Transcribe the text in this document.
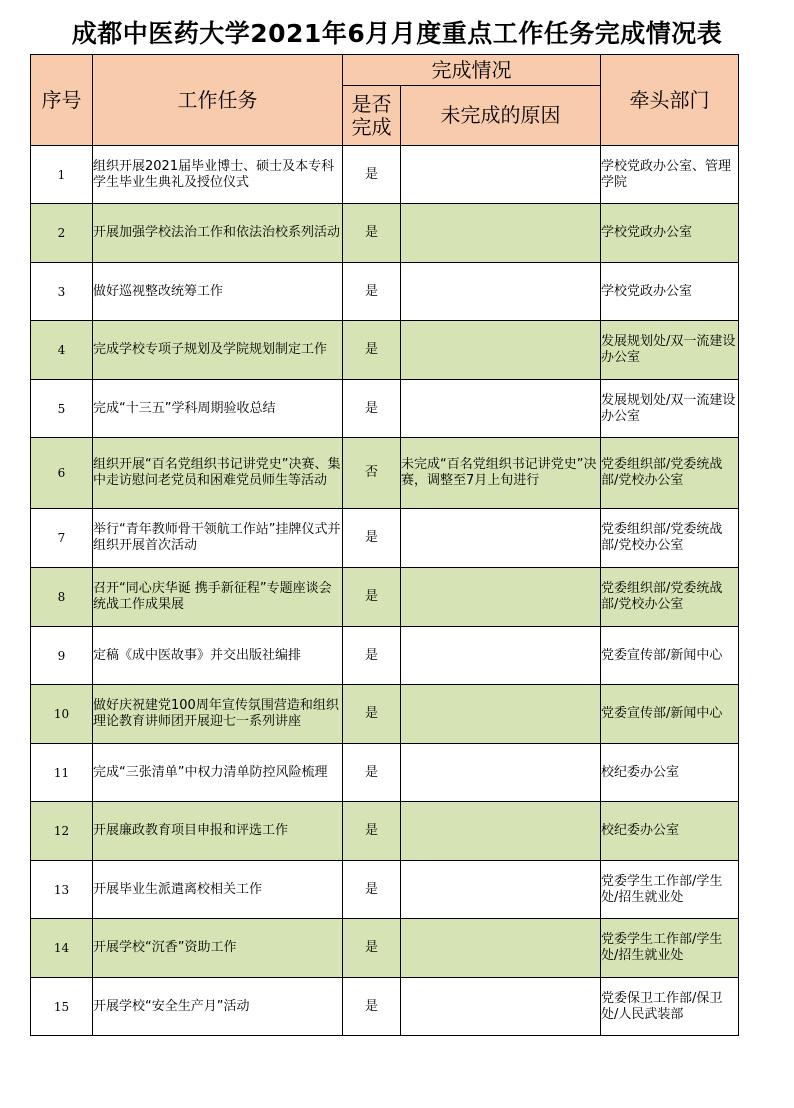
成都中医药大学2021年6月月度重点工作任务完成情况表
序号	工作任务	完成情况		牵头部门
		是否完成	未完成的原因	
1	组织开展2021届毕业博士、硕士及本专科学生毕业生典礼及授位仪式	是		学校党政办公室、管理学院
2	开展加强学校法治工作和依法治校系列活动	是		学校党政办公室
3	做好巡视整改统筹工作	是		学校党政办公室
4	完成学校专项子规划及学院规划制定工作	是		发展规划处/双一流建设办公室
5	完成“十三五”学科周期验收总结	是		发展规划处/双一流建设办公室
6	组织开展“百名党组织书记讲党史”决赛、集中走访慰问老党员和困难党员师生等活动	否	未完成“百名党组织书记讲党史”决赛，调整至7月上旬进行	党委组织部/党委统战部/党校办公室
7	举行“青年教师骨干领航工作站”挂牌仪式并组织开展首次活动	是		党委组织部/党委统战部/党校办公室
8	召开“同心庆华诞 携手新征程”专题座谈会统战工作成果展	是		党委组织部/党委统战部/党校办公室
9	定稿《成中医故事》并交出版社编排	是		党委宣传部/新闻中心
10	做好庆祝建党100周年宣传氛围营造和组织理论教育讲师团开展迎七一系列讲座	是		党委宣传部/新闻中心
11	完成“三张清单”中权力清单防控风险梳理	是		校纪委办公室
12	开展廉政教育项目申报和评选工作	是		校纪委办公室
13	开展毕业生派遣离校相关工作	是		党委学生工作部/学生处/招生就业处
14	开展学校“沉香”资助工作	是		党委学生工作部/学生处/招生就业处
15	开展学校“安全生产月”活动	是		党委保卫工作部/保卫处/人民武装部
